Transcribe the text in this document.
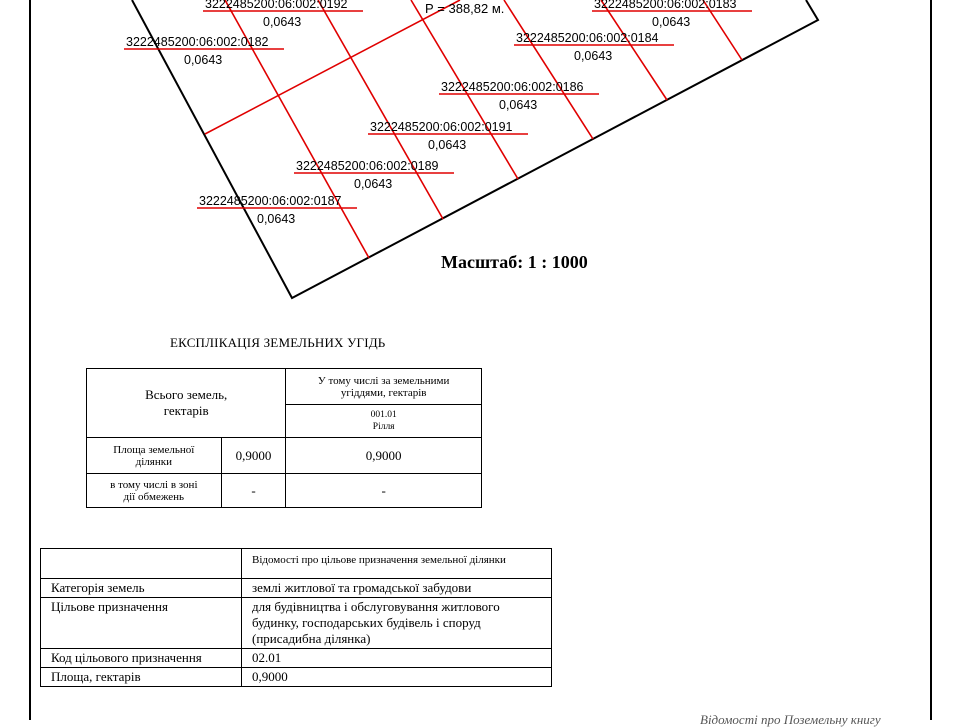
Р = 388,82 м.
3222485200:06:002:0192
0,0643
3222485200:06:002:0183
0,0643
3222485200:06:002:0182
0,0643
3222485200:06:002:0184
0,0643
3222485200:06:002:0186
0,0643
3222485200:06:002:0191
0,0643
3222485200:06:002:0189
0,0643
3222485200:06:002:0187
0,0643
Масштаб: 1 : 1000
ЕКСПЛІКАЦІЯ ЗЕМЕЛЬНИХ УГІДЬ
Всього земель, гектарів		У тому числі за земельними угіддями, гектарів

		001.01
Рілля

Площа земельної ділянки	0,9000	0,9000
в тому числі в зоні дії обмежень	-	-
	Відомості про цільове призначення земельної ділянки
Категорія земель	землі житлової та громадської забудови
Цільове призначення	для будівництва і обслуговування житлового будинку, господарських будівель і споруд (присадибна ділянка)
Код цільового призначення	02.01
Площа, гектарів	0,9000
Відомості про Поземельну книгу
